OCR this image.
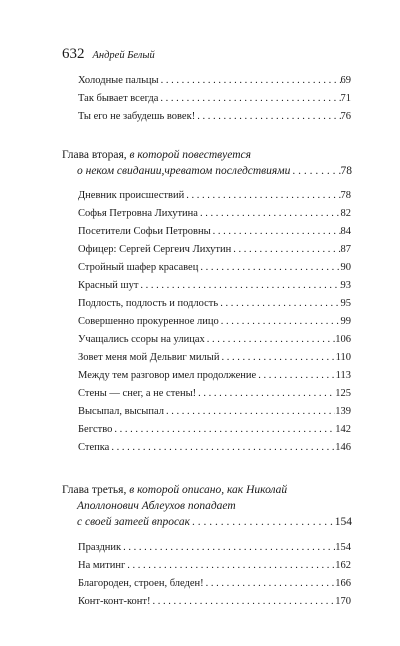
632 Андрей Белый
Холодные пальцы . . .	69
Так бывает всегда . . .	71
Ты его не забудешь вовек! . . .	76
Глава вторая,
в которой повествуется
о неком свидании,чреватом последствиями . . .	78
Дневник происшествий . . .	78
Софья Петровна Лихутина . . .	82
Посетители Софьи Петровны . . .	84
Офицер: Сергей Сергеич Лихутин . . .	87
Стройный шафер красавец . . .	90
Красный шут . . .	93
Подлость, подлость и подлость . . .	95
Совершенно прокуренное лицо . . .	99
Учащались ссоры на улицах . . .	106
Зовет меня мой Дельвиг милый . . .	110
Между тем разговор имел продолжение . . .	113
Стены — снег, а не стены! . . .	125
Высыпал, высыпал . . .	139
Бегство . . .	142
Степка . . .	146
Глава третья,
в которой описано, как Николай
Аполлонович Аблеухов попадает
с своей затеей впросак . . .	154
Праздник . . .	154
На митинг . . .	162
Благороден, строен, бледен! . . .	166
Конт-конт-конт! . . .	170
